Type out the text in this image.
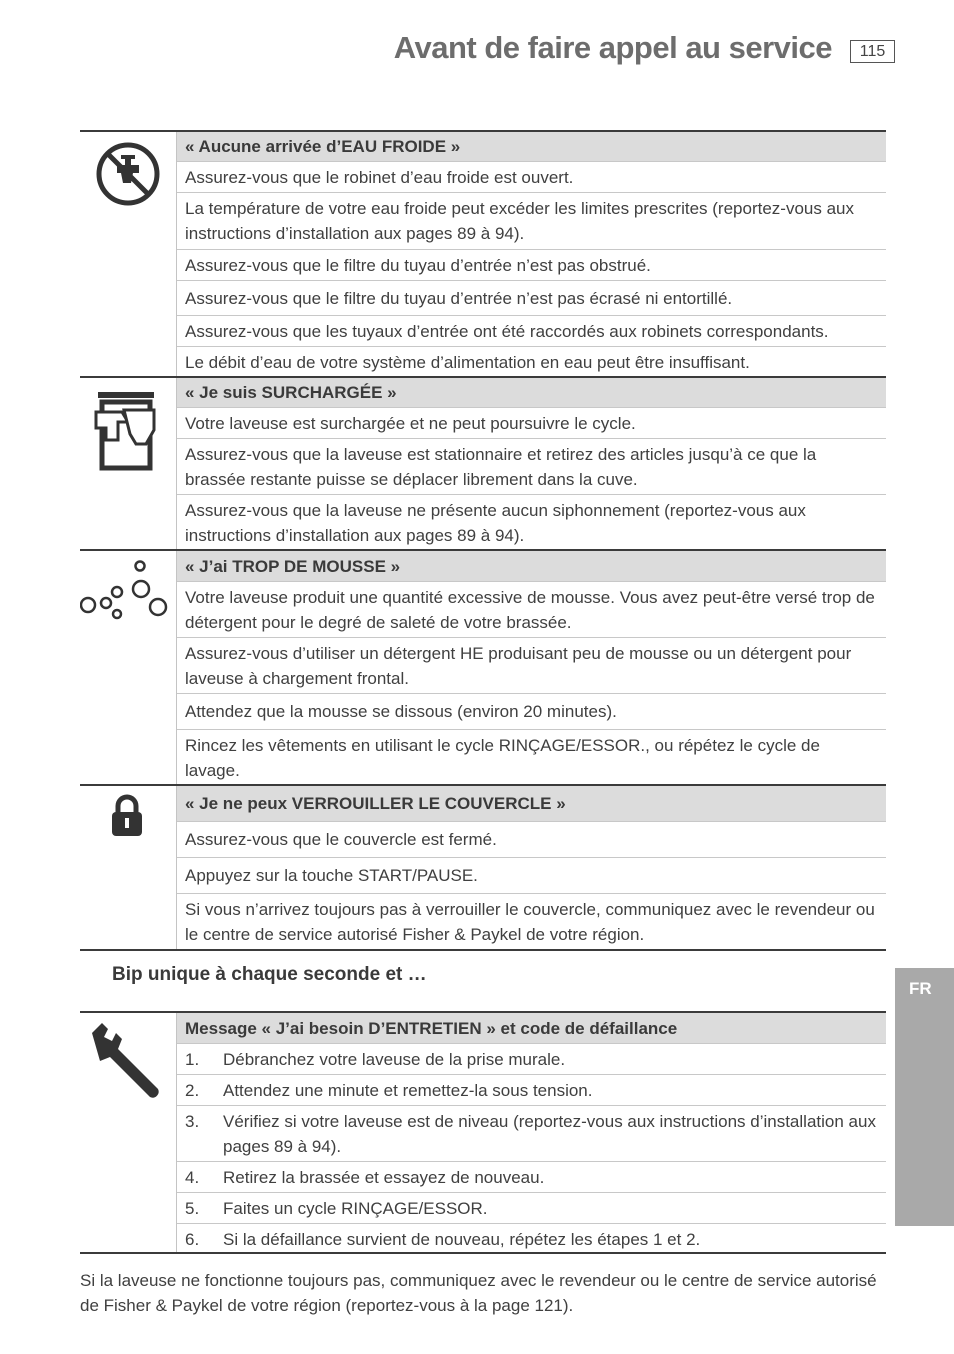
Avant de faire appel au service	115
« Aucune arrivée d’EAU FROIDE »
Assurez-vous que le robinet d’eau froide est ouvert.
La température de votre eau froide peut excéder les limites prescrites (reportez-vous aux instructions d’installation aux pages 89 à 94).
Assurez-vous que le filtre du tuyau d’entrée n’est pas obstrué.
Assurez-vous que le filtre du tuyau d’entrée n’est pas écrasé ni entortillé.
Assurez-vous que les tuyaux d’entrée ont été raccordés aux robinets correspondants.
Le débit d’eau de votre système d’alimentation en eau peut être insuffisant.
« Je suis SURCHARGÉE »
Votre laveuse est surchargée et ne peut poursuivre le cycle.
Assurez-vous que la laveuse est stationnaire et retirez des articles jusqu’à ce que la brassée restante puisse se déplacer librement dans la cuve.
Assurez-vous que la laveuse ne présente aucun siphonnement (reportez-vous aux instructions d’installation aux pages 89 à 94).
« J’ai TROP DE MOUSSE »
Votre laveuse produit une quantité excessive de mousse. Vous avez peut-être versé trop de détergent pour le degré de saleté de votre brassée.
Assurez-vous d’utiliser un détergent HE produisant peu de mousse ou un détergent pour laveuse à chargement frontal.
Attendez que la mousse se dissous (environ 20 minutes).
Rincez les vêtements en utilisant le cycle RINÇAGE/ESSOR., ou répétez le cycle de lavage.
« Je ne peux VERROUILLER LE COUVERCLE »
Assurez-vous que le couvercle est fermé.
Appuyez sur la touche START/PAUSE.
Si vous n’arrivez toujours pas à verrouiller le couvercle, communiquez avec le revendeur ou le centre de service autorisé Fisher & Paykel de votre région.
Bip unique à chaque seconde et …
Message « J’ai besoin D’ENTRETIEN » et code de défaillance
1.	Débranchez votre laveuse de la prise murale.
2.	Attendez une minute et remettez-la sous tension.
3.	Vérifiez si votre laveuse est de niveau (reportez-vous aux instructions d’installation aux pages 89 à 94).
4.	Retirez la brassée et essayez de nouveau.
5.	Faites un cycle RINÇAGE/ESSOR.
6.	Si la défaillance survient de nouveau, répétez les étapes 1 et 2.
Si la laveuse ne fonctionne toujours pas, communiquez avec le revendeur ou le centre de service autorisé de Fisher & Paykel de votre région (reportez-vous à la page 121).
FR
